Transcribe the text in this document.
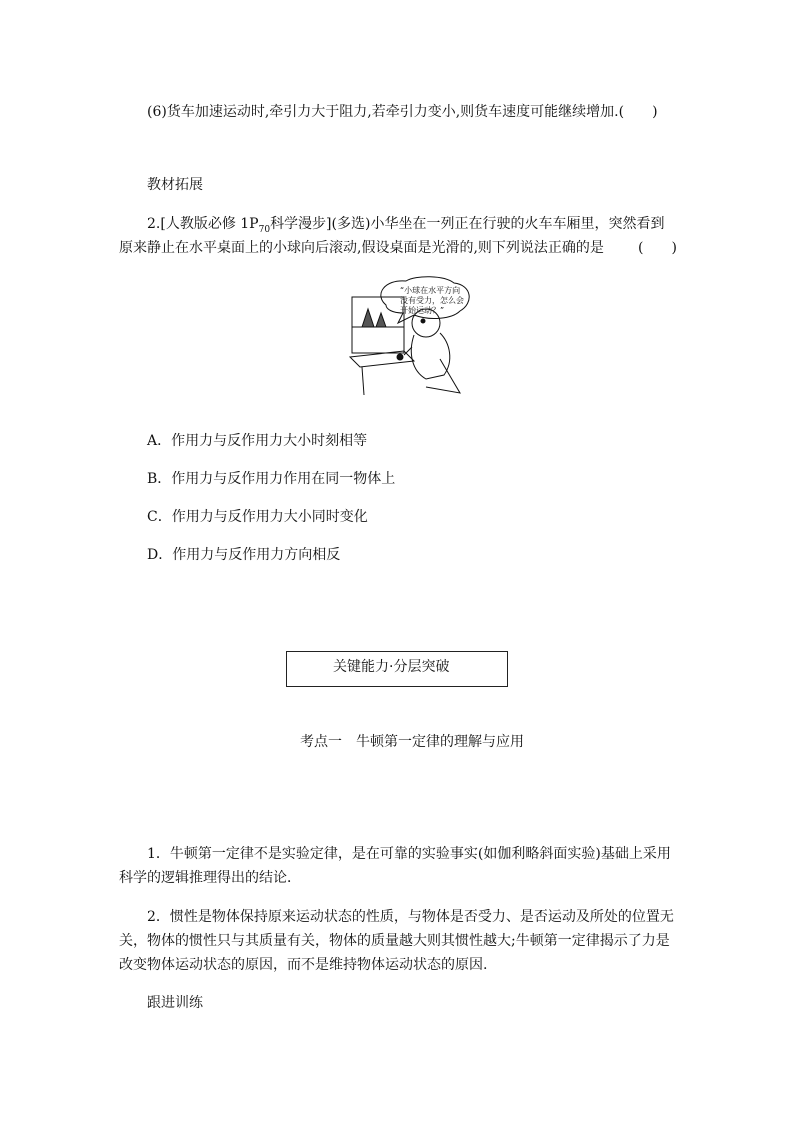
(6)货车加速运动时,牵引力大于阻力,若牵引力变小,则货车速度可能继续增加.(　　)
教材拓展
2.[人教版必修 $1P_{70}$科学漫步](多选)小华坐在一列正在行驶的火车车厢里，突然看到
原来静止在水平桌面上的小球向后滚动,假设桌面是光滑的,则下列说法正确的是 (　　)
“小球在水平方向
没有受力，怎么会
开始运动？”
A．作用力与反作用力大小时刻相等
B．作用力与反作用力作用在同一物体上
C．作用力与反作用力大小同时变化
D．作用力与反作用力方向相反
关键能力·分层突破
考点一　牛顿第一定律的理解与应用
1．牛顿第一定律不是实验定律，是在可靠的实验事实(如伽利略斜面实验)基础上采用
科学的逻辑推理得出的结论．
2．惯性是物体保持原来运动状态的性质，与物体是否受力、是否运动及所处的位置无
关，物体的惯性只与其质量有关，物体的质量越大则其惯性越大;牛顿第一定律揭示了力是
改变物体运动状态的原因，而不是维持物体运动状态的原因.
跟进训练
